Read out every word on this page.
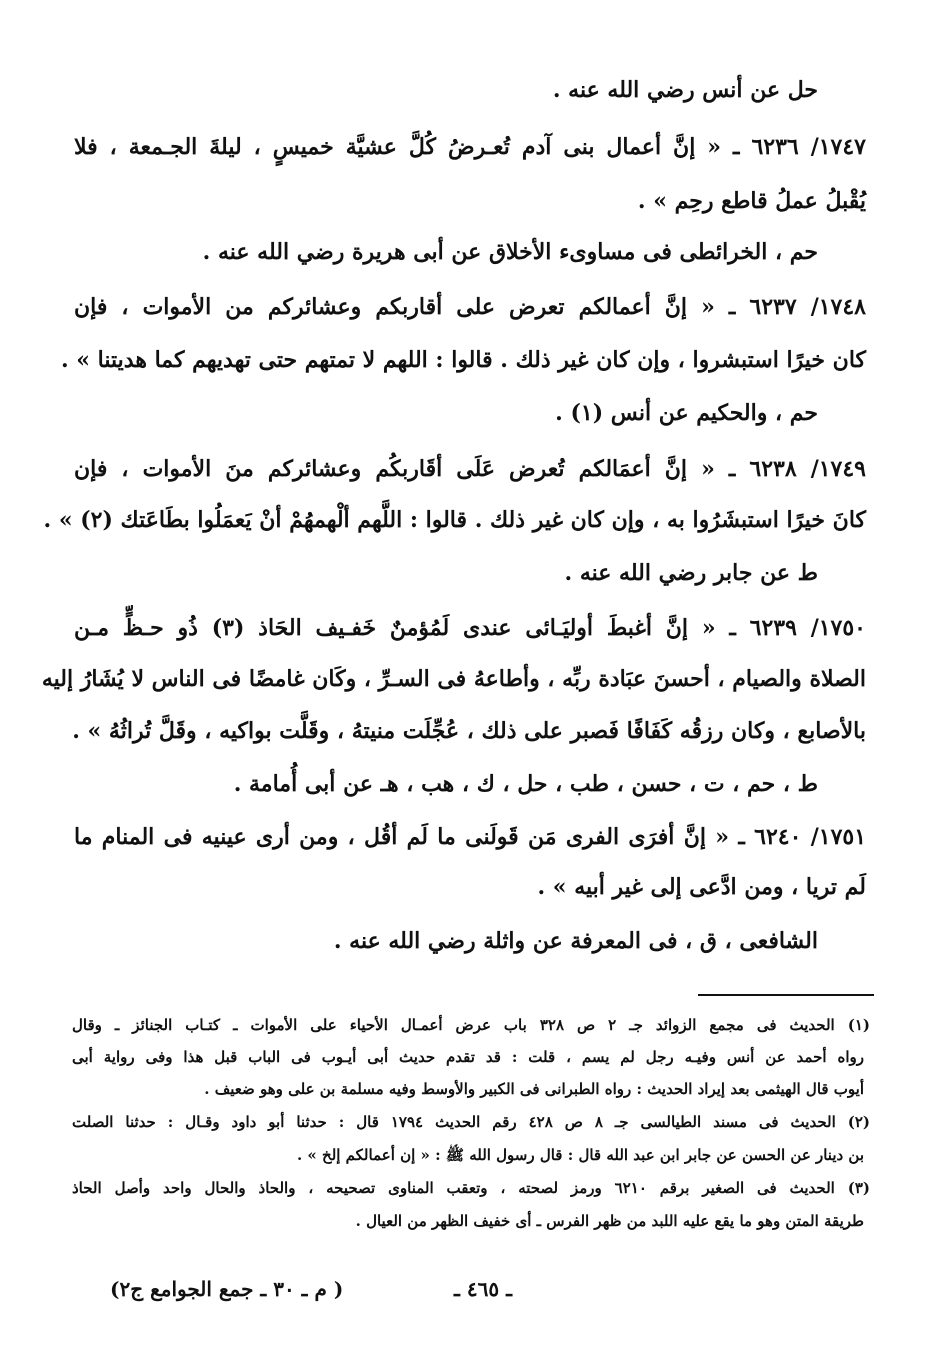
حل عن أنس رضي الله عنه .
١٧٤٧/ ٦٢٣٦ ـ « إنَّ أعمال بنى آدم تُعـرضُ كُلَّ عشيَّة خميسٍ ، ليلةَ الجـمعة ، فلا
يُقْبلُ عملُ قاطع رحِم » .
حم ، الخرائطى فى مساوىء الأخلاق عن أبى هريرة رضي الله عنه .
١٧٤٨/ ٦٢٣٧ ـ « إنَّ أعمالكم تعرض على أقاربكم وعشائركم من الأموات ، فإن
كان خيرًا استبشروا ، وإن كان غير ذلك . قالوا : اللهم لا تمتهم حتى تهديهم كما هديتنا » .
حم ، والحكيم عن أنس (١) .
١٧٤٩/ ٦٢٣٨ ـ « إنَّ أعمَالكم تُعرض عَلَى أقَاربكُم وعشائركم منَ الأموات ، فإن
كانَ خيرًا استبشَرُوا به ، وإن كان غير ذلك . قالوا : اللَّهم ألْهمهُمْ أنْ يَعمَلُوا بطَاعَتك (٢) » .
ط عن جابر رضي الله عنه .
١٧٥٠/ ٦٢٣٩ ـ « إنَّ أغبطَ أوليَـائى عندى لَمُؤمنٌ خَفـيف الحَاذ (٣) ذُو حـظٍّ مـن
الصلاة والصيام ، أحسنَ عبَادة ربِّه ، وأطاعهُ فى السـرِّ ، وكَان غامضًا فى الناس لا يُشَارُ إليه
بالأصابع ، وكان رزقُه كَفَافًا فَصبر على ذلك ، عُجِّلَت منيتهُ ، وقَلَّت بواكيه ، وقَلَّ تُراثُهُ » .
ط ، حم ، ت ، حسن ، طب ، حل ، ك ، هب ، هـ عن أبى أُمامة .
١٧٥١/ ٦٢٤٠ ـ « إنَّ أفرَى الفرى مَن قَولَنى ما لَم أقُل ، ومن أرى عينيه فى المنام ما
لَم تريا ، ومن ادَّعى إلى غير أبيه » .
الشافعى ، ق ، فى المعرفة عن واثلة رضي الله عنه .
(١) الحديث فى مجمع الزوائد جـ ٢ ص ٣٢٨ باب عرض أعمـال الأحياء على الأموات ـ كتـاب الجنائز ـ وقال
رواه أحمد عن أنس وفيـه رجل لم يسم ، قلت : قد تقدم حديث أبى أيـوب فى الباب قبل هذا وفى رواية أبى
أيوب قال الهيثمى بعد إيراد الحديث : رواه الطبرانى فى الكبير والأوسط وفيه مسلمة بن على وهو ضعيف .
(٢) الحديث فى مسند الطيالسى جـ ٨ ص ٤٢٨ رقم الحديث ١٧٩٤ قال : حدثنا أبو داود وقـال : حدثنا الصلت
بن دينار عن الحسن عن جابر ابن عبد الله قال : قال رسول الله ﷺ : « إن أعمالكم إلخ » .
(٣) الحديث فى الصغير برقم ٦٢١٠ ورمز لصحته ، وتعقب المناوى تصحيحه ، والحاذ والحال واحد وأصل الحاذ
طريقة المتن وهو ما يقع عليه اللبد من ظهر الفرس ـ أى خفيف الظهر من العيال .
ـ ٤٦٥ ـ
( م ـ ٣٠ ـ جمع الجوامع ج٢)
